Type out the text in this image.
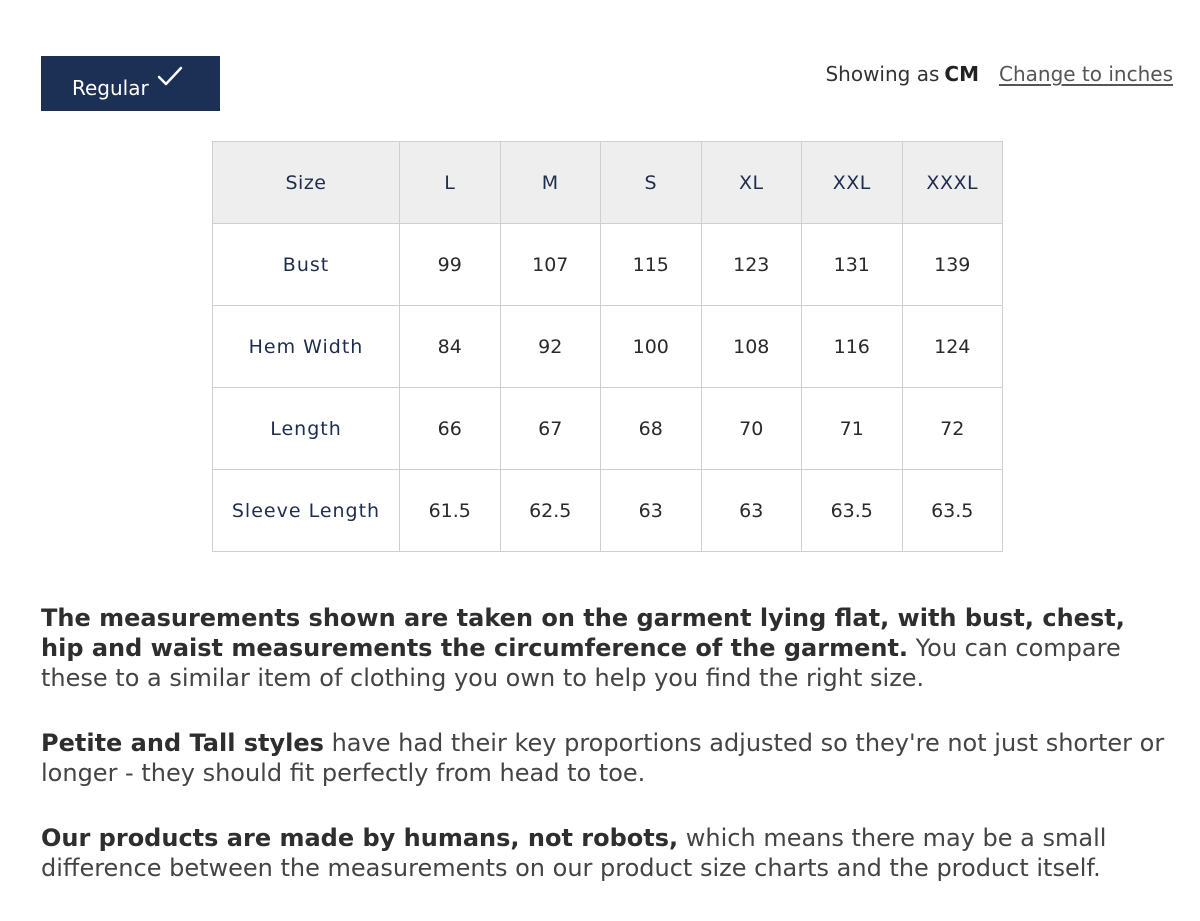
Regular
Showing as CM Change to inches
Size	L	M	S	XL	XXL	XXXL
Bust	99	107	115	123	131	139
Hem Width	84	92	100	108	116	124
Length	66	67	68	70	71	72
Sleeve Length	61.5	62.5	63	63	63.5	63.5

The measurements shown are taken on the garment lying flat, with bust, chest, hip and waist measurements the circumference of the garment. You can compare these to a similar item of clothing you own to help you find the right size.

Petite and Tall styles have had their key proportions adjusted so they're not just shorter or longer - they should fit perfectly from head to toe.

Our products are made by humans, not robots, which means there may be a small difference between the measurements on our product size charts and the product itself.
